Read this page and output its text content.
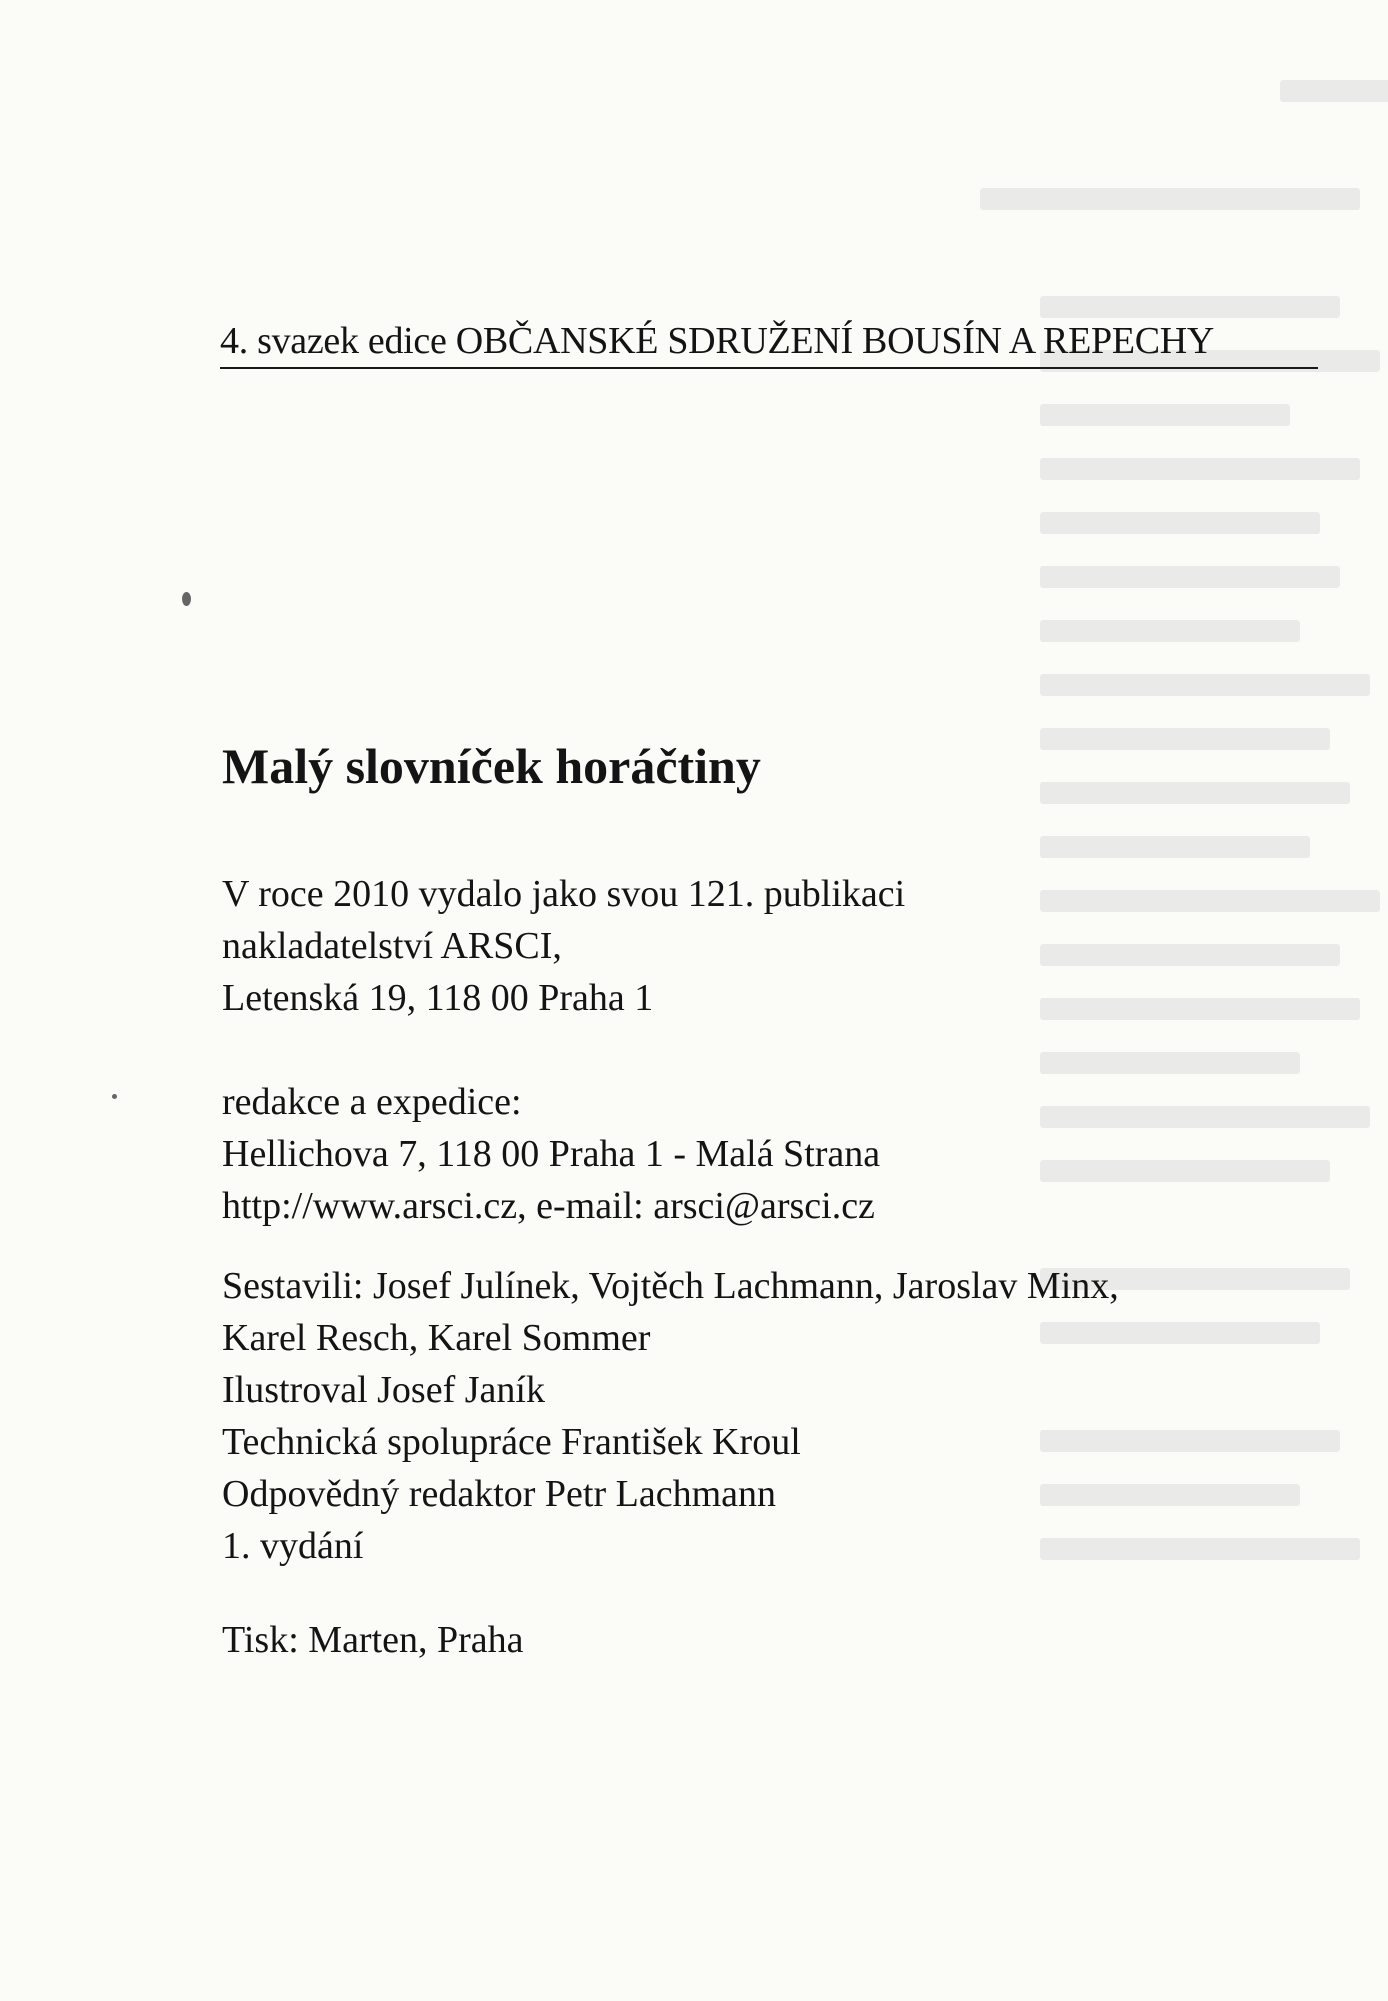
4. svazek edice OBČANSKÉ SDRUŽENÍ BOUSÍN A REPECHY
Malý slovníček horáčtiny

V roce 2010 vydalo jako svou 121. publikaci

nakladatelství ARSCI,

Letenská 19, 118 00 Praha 1

redakce a expedice:

Hellichova 7, 118 00 Praha 1 - Malá Strana

http://www.arsci.cz, e-mail: arsci@arsci.cz

Sestavili: Josef Julínek, Vojtěch Lachmann, Jaroslav Minx,

Karel Resch, Karel Sommer

Ilustroval Josef Janík

Technická spolupráce František Kroul

Odpovědný redaktor Petr Lachmann

1. vydání

Tisk: Marten, Praha
